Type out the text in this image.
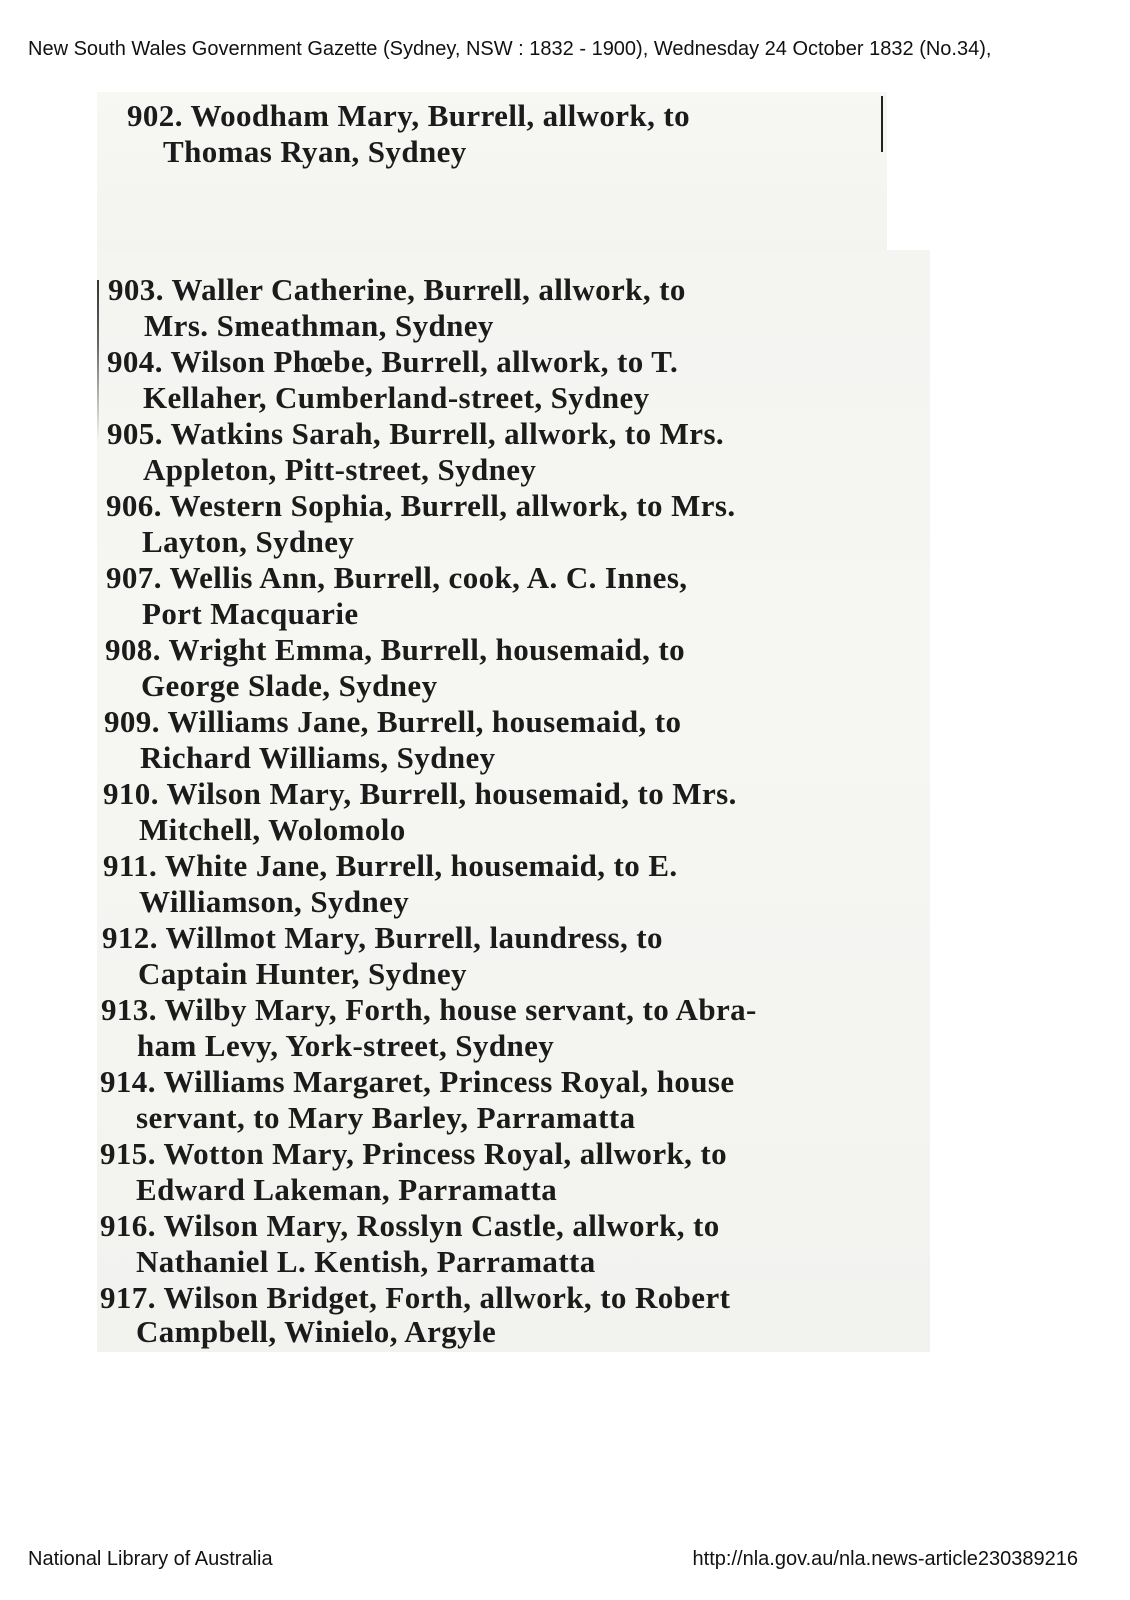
New South Wales Government Gazette (Sydney, NSW : 1832 - 1900), Wednesday 24 October 1832 (No.34),
902. Woodham Mary, Burrell, allwork, to
Thomas Ryan, Sydney
903. Waller Catherine, Burrell, allwork, to
Mrs. Smeathman, Sydney
904. Wilson Phœbe, Burrell, allwork, to T.
Kellaher, Cumberland-street, Sydney
905. Watkins Sarah, Burrell, allwork, to Mrs.
Appleton, Pitt-street, Sydney
906. Western Sophia, Burrell, allwork, to Mrs.
Layton, Sydney
907. Wellis Ann, Burrell, cook, A. C. Innes,
Port Macquarie
908. Wright Emma, Burrell, housemaid, to
George Slade, Sydney
909. Williams Jane, Burrell, housemaid, to
Richard Williams, Sydney
910. Wilson Mary, Burrell, housemaid, to Mrs.
Mitchell, Wolomolo
911. White Jane, Burrell, housemaid, to E.
Williamson, Sydney
912. Willmot Mary, Burrell, laundress, to
Captain Hunter, Sydney
913. Wilby Mary, Forth, house servant, to Abra-
ham Levy, York-street, Sydney
914. Williams Margaret, Princess Royal, house
servant, to Mary Barley, Parramatta
915. Wotton Mary, Princess Royal, allwork, to
Edward Lakeman, Parramatta
916. Wilson Mary, Rosslyn Castle, allwork, to
Nathaniel L. Kentish, Parramatta
917. Wilson Bridget, Forth, allwork, to Robert
Campbell, Winielo, Argyle
National Library of Australia	http://nla.gov.au/nla.news-article230389216
